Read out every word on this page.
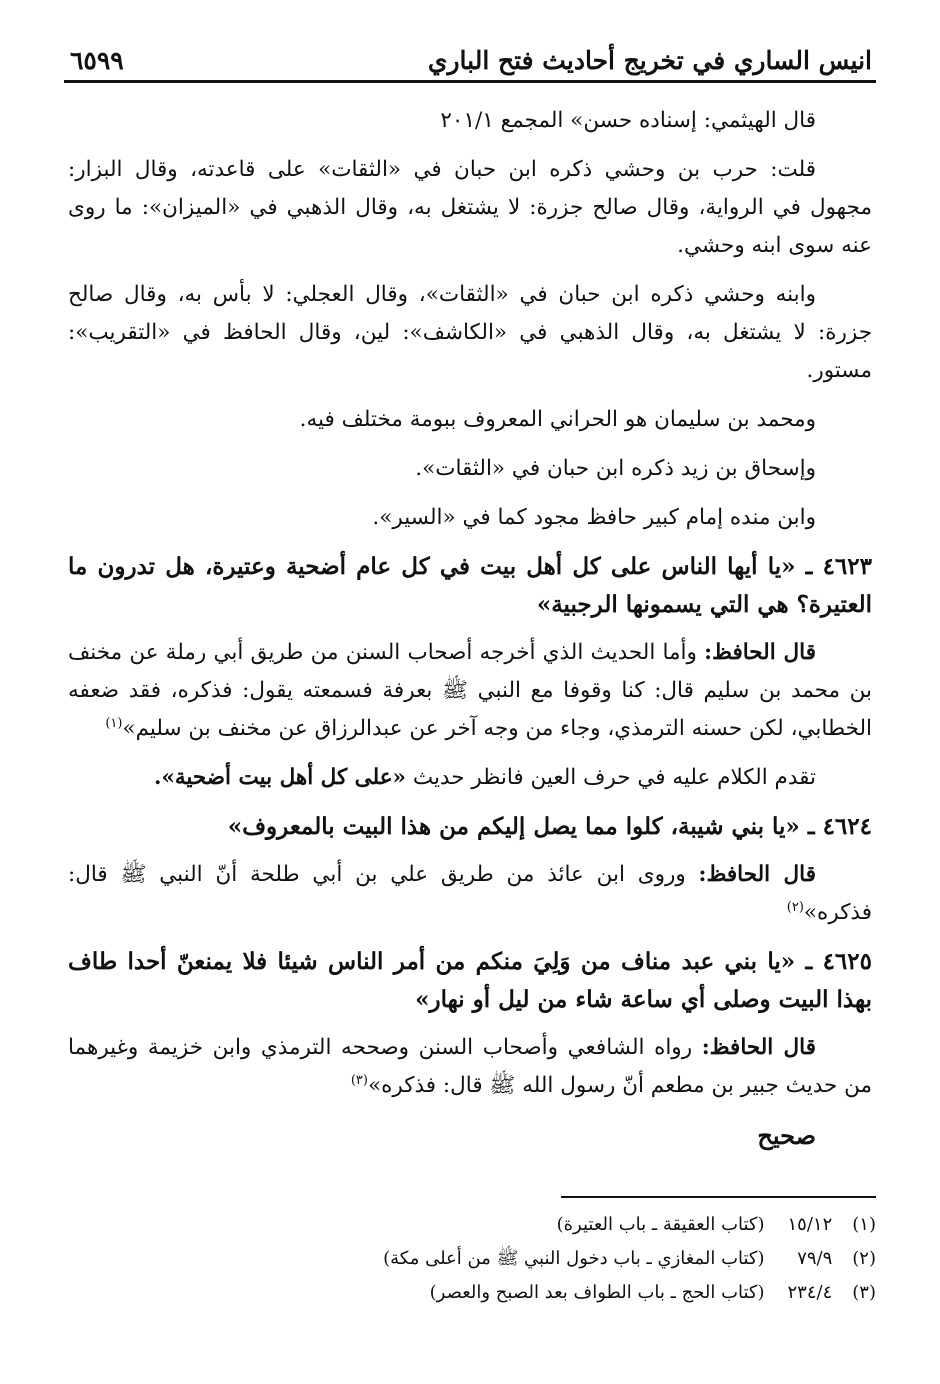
انيس الساري في تخريج أحاديث فتح الباري
٦٥٩٩

قال الهيثمي: إسناده حسن» المجمع ٢٠١/١

قلت: حرب بن وحشي ذكره ابن حبان في «الثقات» على قاعدته، وقال البزار: مجهول في الرواية، وقال صالح جزرة: لا يشتغل به، وقال الذهبي في «الميزان»: ما روى عنه سوى ابنه وحشي.

وابنه وحشي ذكره ابن حبان في «الثقات»، وقال العجلي: لا بأس به، وقال صالح جزرة: لا يشتغل به، وقال الذهبي في «الكاشف»: لين، وقال الحافظ في «التقريب»: مستور.

ومحمد بن سليمان هو الحراني المعروف ببومة مختلف فيه.

وإسحاق بن زيد ذكره ابن حبان في «الثقات».

وابن منده إمام كبير حافظ مجود كما في «السير».

٤٦٢٣ ـ «يا أيها الناس على كل أهل بيت في كل عام أضحية وعتيرة، هل تدرون ما العتيرة؟ هي التي يسمونها الرجبية»

قال الحافظ: وأما الحديث الذي أخرجه أصحاب السنن من طريق أبي رملة عن مخنف بن محمد بن سليم قال: كنا وقوفا مع النبي ﷺ بعرفة فسمعته يقول: فذكره، فقد ضعفه الخطابي، لكن حسنه الترمذي، وجاء من وجه آخر عن عبدالرزاق عن مخنف بن سليم»$^{(١)}$

تقدم الكلام عليه في حرف العين فانظر حديث «على كل أهل بيت أضحية».

٤٦٢٤ ـ «يا بني شيبة، كلوا مما يصل إليكم من هذا البيت بالمعروف»

قال الحافظ: وروى ابن عائذ من طريق علي بن أبي طلحة أنّ النبي ﷺ قال: فذكره»$^{(٢)}$

٤٦٢٥ ـ «يا بني عبد مناف من وَلِيَ منكم من أمر الناس شيئا فلا يمنعنّ أحدا طاف بهذا البيت وصلى أي ساعة شاء من ليل أو نهار»

قال الحافظ: رواه الشافعي وأصحاب السنن وصححه الترمذي وابن خزيمة وغيرهما من حديث جبير بن مطعم أنّ رسول الله ﷺ قال: فذكره»$^{(٣)}$

صحيح

(١) ١٥/١٢ (كتاب العقيقة ـ باب العتيرة)
(٢) ٧٩/٩ (كتاب المغازي ـ باب دخول النبي ﷺ من أعلى مكة)
(٣) ٢٣٤/٤ (كتاب الحج ـ باب الطواف بعد الصبح والعصر)
